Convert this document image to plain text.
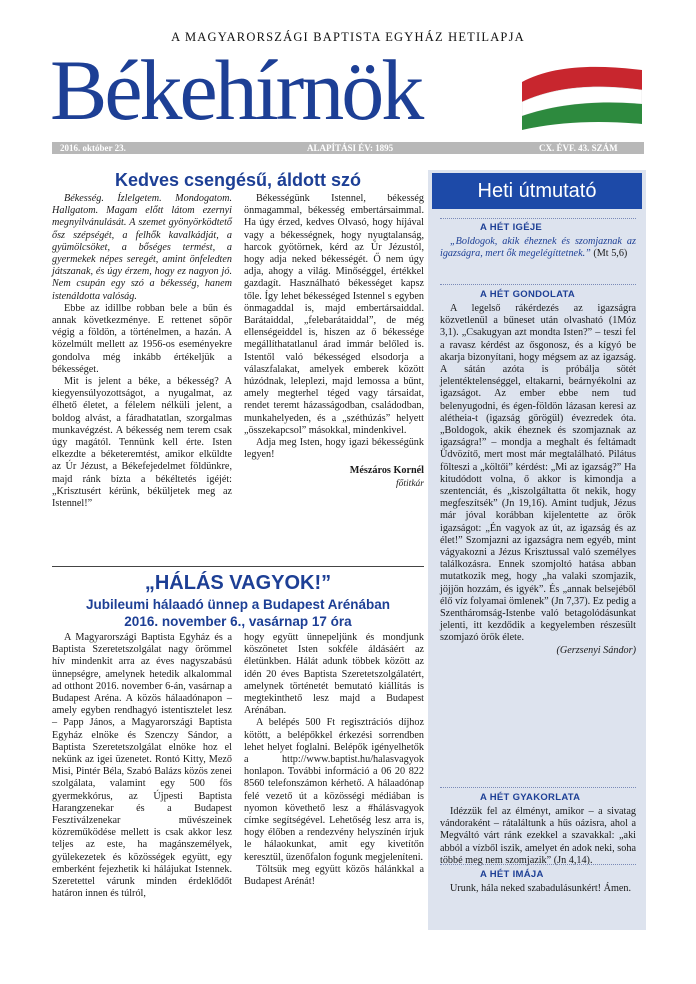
A MAGYARORSZÁGI BAPTISTA EGYHÁZ HETILAPJA
Békehírnök
2016. október 23.	ALAPÍTÁSI ÉV: 1895	CX. ÉVF. 43. SZÁM
Kedves csengésű, áldott szó

Békesség. Ízlelgetem. Mondogatom. Hallgatom. Magam előtt látom ezernyi megnyilvánulását. A szemet gyönyörködtető ősz szépségét, a felhők kavalkádját, a gyümölcsöket, a bőséges termést, a gyermekek népes seregét, amint önfeledten játszanak, és úgy érzem, hogy ez nagyon jó. Nem csupán egy szó a békesség, hanem istenáldotta valóság.

Ebbe az idillbe robban bele a bűn és annak következménye. E rettenet söpör végig a földön, a történelmen, a hazán. A közelmúlt mellett az 1956-os eseményekre gondolva még inkább értékeljük a békességet.

Mit is jelent a béke, a békesség? A kiegyensúlyozottságot, a nyugalmat, az élhető életet, a félelem nélküli jelent, a boldog alvást, a fáradhatatlan, szorgalmas munkavégzést. A békesség nem terem csak úgy magától. Tennünk kell érte. Isten elkezdte a béketeremtést, amikor elküldte az Úr Jézust, a Békefejedelmet földünkre, majd ránk bízta a békéltetés igéjét: „Krisztusért kérünk, béküljetek meg az Istennel!”

Békességünk Istennel, békesség önmagammal, békesség embertársaimmal. Ha úgy érzed, kedves Olvasó, hogy híjával vagy a békességnek, hogy nyugtalanság, harcok gyötörnek, kérd az Úr Jézustól, hogy adja neked békességét. Ő nem úgy adja, ahogy a világ. Minőséggel, értékkel gazdagít. Használható békességet kapsz tőle. Így lehet békességed Istennel s egyben önmagaddal is, majd embertársaiddal. Barátaiddal, „felebarátaiddal”, de még ellenségeiddel is, hiszen az ő békessége megállíthatatlanul árad immár belőled is. Istentől való békességed elsodorja a válaszfalakat, amelyek emberek között húzódnak, leleplezi, majd lemossa a bűnt, amely megterhel téged vagy társaidat, rendet teremt házasságodban, családodban, munkahelyeden, és a „széthúzás” helyett „összekapcsol” másokkal, mindenkivel.

Adja meg Isten, hogy igazi békességünk legyen!

Mészáros Kornél
főtitkár
„HÁLÁS VAGYOK!”
Jubileumi hálaadó ünnep a Budapest Arénában
2016. november 6., vasárnap 17 óra

A Magyarországi Baptista Egyház és a Baptista Szeretetszolgálat nagy örömmel hív mindenkit arra az éves nagyszabású ünnepségre, amelynek hetedik alkalommal ad otthont 2016. november 6-án, vasárnap a Budapest Aréna. A közös hálaadónapon – amely egyben rendhagyó istentisztelet lesz – Papp János, a Magyarországi Baptista Egyház elnöke és Szenczy Sándor, a Baptista Szeretetszolgálat elnöke hoz el nekünk az igei üzenetet. Rontó Kitty, Mező Misi, Pintér Béla, Szabó Balázs közös zenei szolgálata, valamint egy 500 fős gyermekkórus, az Újpesti Baptista Harangzenekar és a Budapest Fesztiválzenekar művészeinek közreműködése mellett is csak akkor lesz teljes az este, ha magánszemélyek, gyülekezetek és közösségek együtt, egy emberként fejezhetik ki hálájukat Istennek. Szeretettel várunk minden érdeklődőt határon innen és túlról,

hogy együtt ünnepeljünk és mondjunk köszönetet Isten sokféle áldásáért az életünkben. Hálát adunk többek között az idén 20 éves Baptista Szeretetszolgálatért, amelynek történetét bemutató kiállítás is megtekinthető lesz majd a Budapest Arénában.

A belépés 500 Ft regisztrációs díjhoz kötött, a belépőkkel érkezési sorrendben lehet helyet foglalni. Belépők igényelhetők a http://www.baptist.hu/halasvagyok honlapon. További információ a 06 20 822 8560 telefonszámon kérhető. A hálaadónap felé vezető út a közösségi médiában is nyomon követhető lesz a #hálásvagyok címke segítségével. Lehetőség lesz arra is, hogy élőben a rendezvény helyszínén írjuk le hálaokunkat, amit egy kivetítőn keresztül, üzenőfalon fogunk megjeleníteni.

Töltsük meg együtt közös hálánkkal a Budapest Arénát!

Heti útmutató
A HÉT IGÉJE

„Boldogok, akik éheznek és szomjaznak az igazságra, mert ők megelégíttetnek.” (Mt 5,6)

A HÉT GONDOLATA

A legelső rákérdezés az igazságra közvetlenül a bűneset után olvasható (1Móz 3,1). „Csakugyan azt mondta Isten?” – teszi fel a ravasz kérdést az ősgonosz, és a kígyó be akarja bizonyítani, hogy mégsem az az igazság. A sátán azóta is próbálja sötét jelentéktelenséggel, eltakarni, beárnyékolni az igazságot. Az ember ebbe nem tud belenyugodni, és égen-földön lázasan keresi az alétheia-t (igazság görögül) évezredek óta. „Boldogok, akik éheznek és szomjaznak az igazságra!” – mondja a meghalt és feltámadt Üdvözítő, mert most már megtalálható. Pilátus fölteszi a „költői” kérdést: „Mi az igazság?” Ha kitudódott volna, ő akkor is kimondja a szentenciát, és „kiszolgáltatta őt nekik, hogy megfeszítsék” (Jn 19,16). Amint tudjuk, Jézus már jóval korábban kijelentette az örök igazságot: „Én vagyok az út, az igazság és az élet!” Szomjazni az igazságra nem egyéb, mint vágyakozni a Jézus Krisztussal való személyes találkozásra. Ennek szomjoltó hatása abban mutatkozik meg, hogy „ha valaki szomjazik, jöjjön hozzám, és igyék”. És „annak belsejéből élő víz folyamai ömlenek” (Jn 7,37). Ez pedig a Szentháromság-Istenbe való betagolódásunkat jelenti, itt kezdődik a kegyelemben részesült szomjazó örök élete.

(Gerzsenyi Sándor)
A HÉT GYAKORLATA

Idézzük fel az élményt, amikor – a sivatag vándoraként – rátaláltunk a hűs oázisra, ahol a Megváltó várt ránk ezekkel a szavakkal: „aki abból a vízből iszik, amelyet én adok neki, soha többé meg nem szomjazik” (Jn 4,14).

A HÉT IMÁJA

Urunk, hála neked szabadulásunkért! Ámen.
